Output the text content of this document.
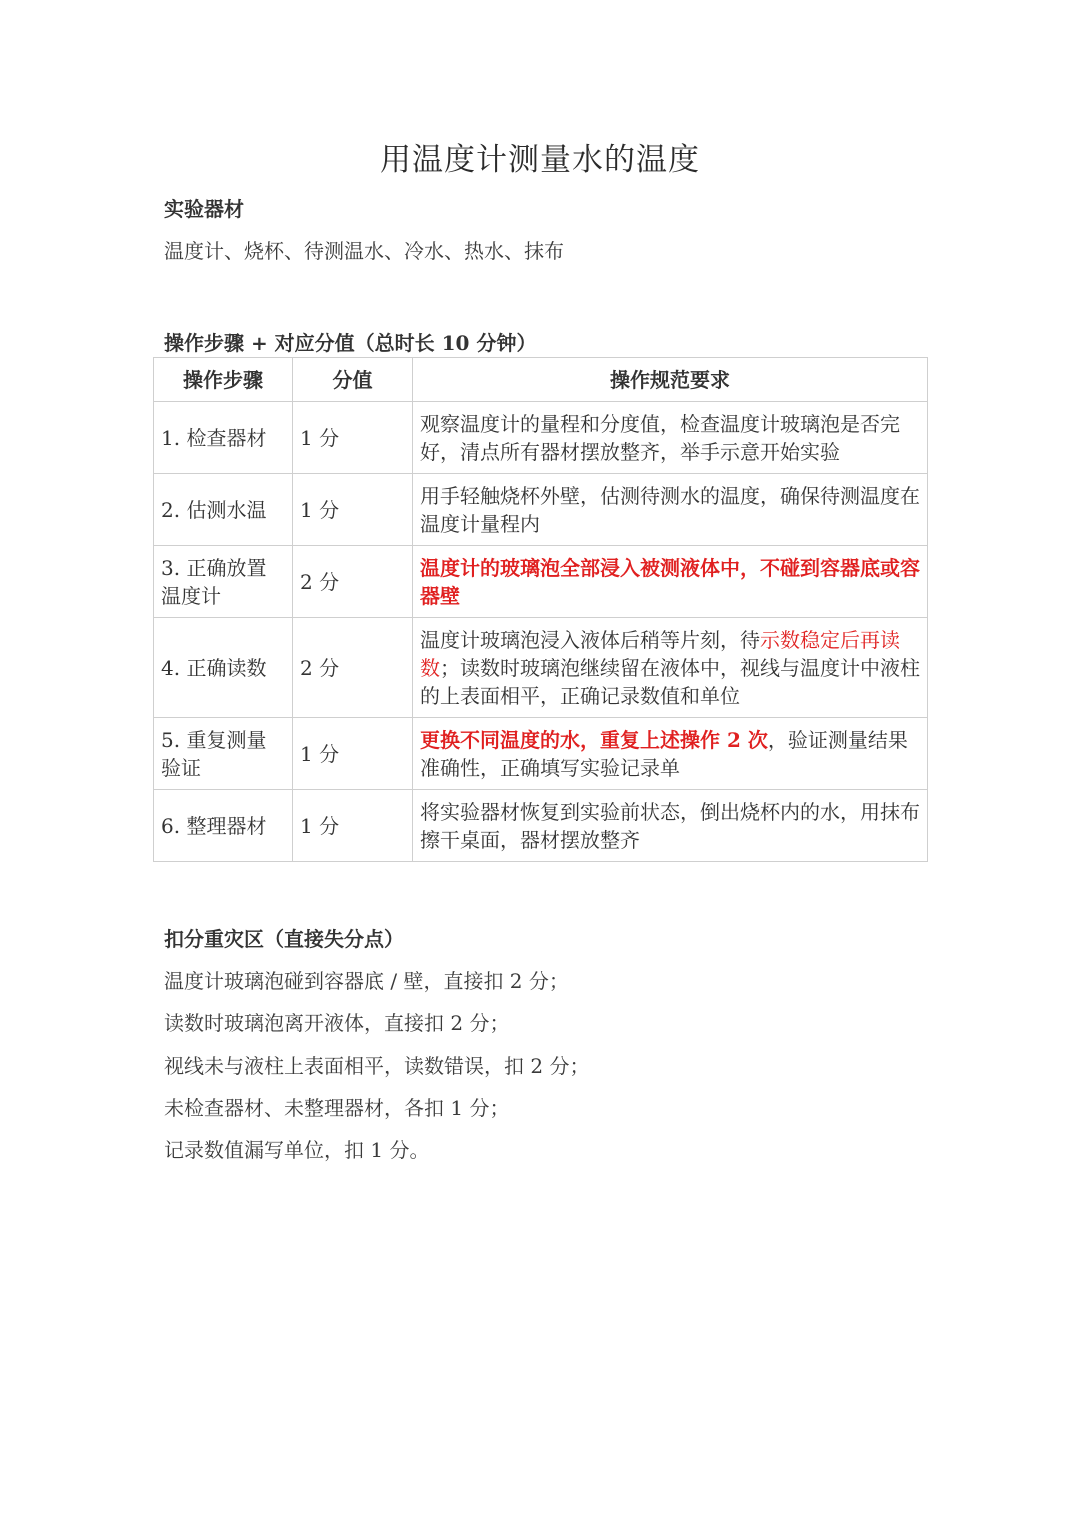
用温度计测量水的温度
实验器材
温度计、烧杯、待测温水、冷水、热水、抹布
操作步骤 + 对应分值（总时长 10 分钟）
操作步骤	分值	操作规范要求
1. 检查器材	1 分	观察温度计的量程和分度值，检查温度计玻璃泡是否完好，清点所有器材摆放整齐，举手示意开始实验
2. 估测水温	1 分	用手轻触烧杯外壁，估测待测水的温度，确保待测温度在温度计量程内
3. 正确放置温度计	2 分	温度计的玻璃泡全部浸入被测液体中，不碰到容器底或容器壁
4. 正确读数	2 分	温度计玻璃泡浸入液体后稍等片刻，待示数稳定后再读数；读数时玻璃泡继续留在液体中，视线与温度计中液柱的上表面相平，正确记录数值和单位
5. 重复测量验证	1 分	更换不同温度的水，重复上述操作 2 次，验证测量结果准确性，正确填写实验记录单
6. 整理器材	1 分	将实验器材恢复到实验前状态，倒出烧杯内的水，用抹布擦干桌面，器材摆放整齐
扣分重灾区（直接失分点）
温度计玻璃泡碰到容器底 / 壁，直接扣 2 分；
读数时玻璃泡离开液体，直接扣 2 分；
视线未与液柱上表面相平，读数错误，扣 2 分；
未检查器材、未整理器材，各扣 1 分；
记录数值漏写单位，扣 1 分。
